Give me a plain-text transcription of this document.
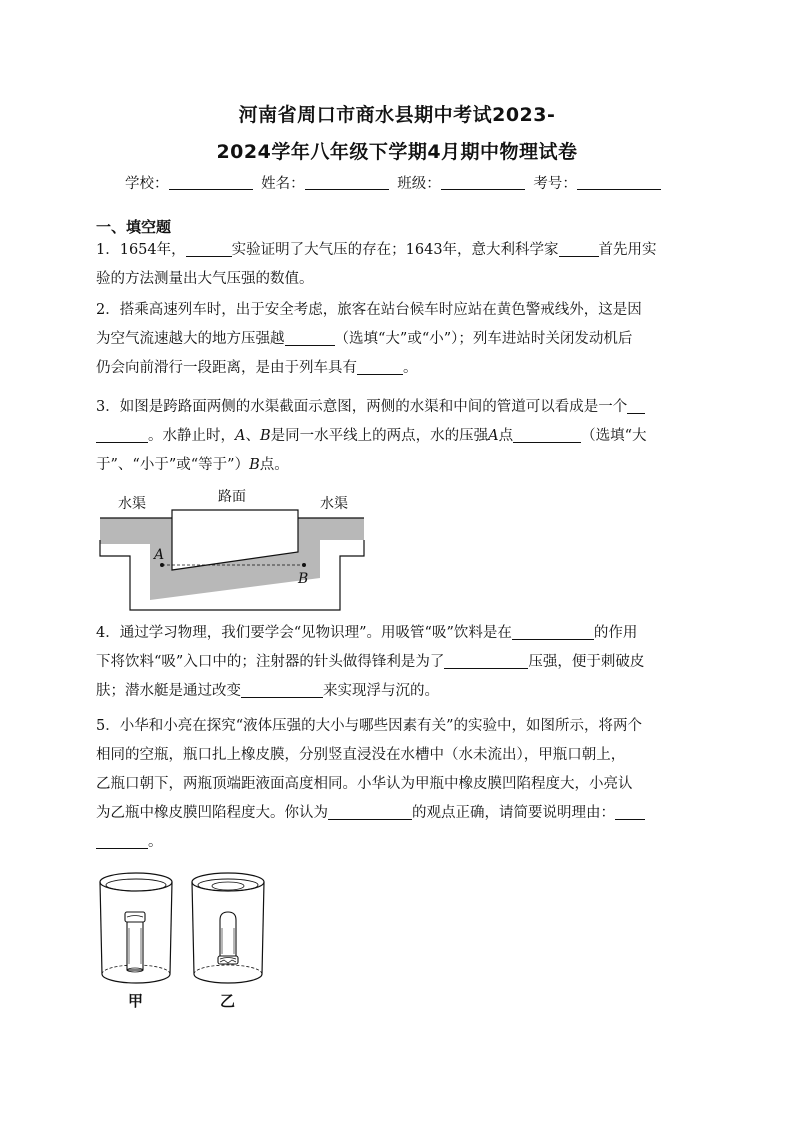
河南省周口市商水县期中考试2023-
2024学年八年级下学期4月期中物理试卷
学校：	姓名：	班级：	考号：
一、填空题
1．1654年，	实验证明了大气压的存在；1643年，意大利科学家	首先用实
验的方法测量出大气压强的数值。
2．搭乘高速列车时，出于安全考虑，旅客在站台候车时应站在黄色警戒线外，这是因
为空气流速越大的地方压强越	（选填“大”或“小”）；列车进站时关闭发动机后
仍会向前滑行一段距离，是由于列车具有	。
3．如图是跨路面两侧的水渠截面示意图，两侧的水渠和中间的管道可以看成是一个
。水静止时，A、B是同一水平线上的两点，水的压强A点	（选填“大
于”、“小于”或“等于”）B点。
水渠	路面	水渠
A
B
4．通过学习物理，我们要学会“见物识理”。用吸管“吸”饮料是在	的作用
下将饮料“吸”入口中的；注射器的针头做得锋利是为了	压强，便于刺破皮
肤；潜水艇是通过改变	来实现浮与沉的。
5．小华和小亮在探究“液体压强的大小与哪些因素有关”的实验中，如图所示，将两个
相同的空瓶，瓶口扎上橡皮膜，分别竖直浸没在水槽中（水未流出），甲瓶口朝上，
乙瓶口朝下，两瓶顶端距液面高度相同。小华认为甲瓶中橡皮膜凹陷程度大，小亮认
为乙瓶中橡皮膜凹陷程度大。你认为	的观点正确，请简要说明理由：
。
甲	乙
